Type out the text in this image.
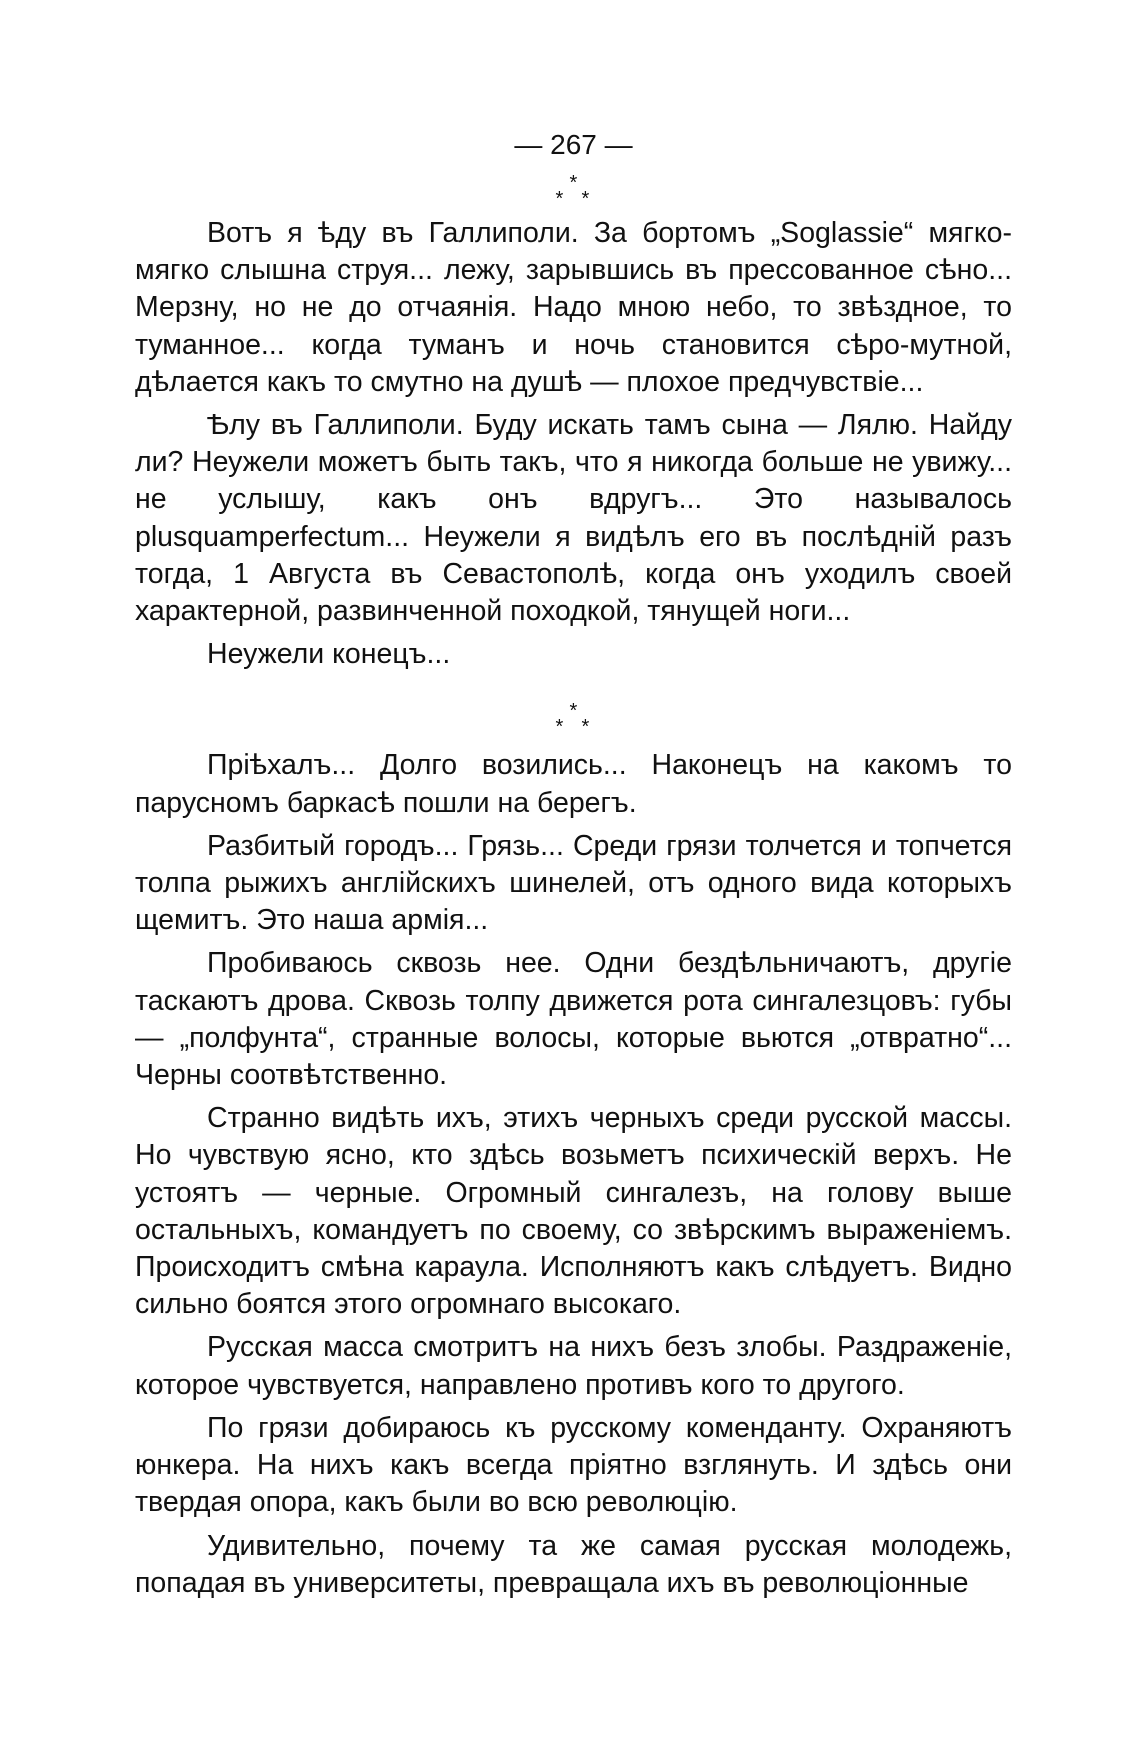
— 267 —
*
* *

Вотъ я ѣду въ Галлиполи. За бортомъ „Soglassie“ мягко-мягко слышна струя... лежу, зарывшись въ прессованное сѣно... Мерзну, но не до отчаянія. Надо мною небо, то звѣздное, то туманное... когда туманъ и ночь становится сѣро-мутной, дѣлается какъ то смутно на душѣ — плохое предчувствіе...

Ѣлу въ Галлиполи. Буду искать тамъ сына — Лялю. Найду ли? Неужели можетъ быть такъ, что я никогда больше не увижу... не услышу, какъ онъ вдругъ... Это называлось plusquamperfectum... Неужели я видѣлъ его въ послѣдній разъ тогда, 1 Августа въ Севастополѣ, когда онъ уходилъ своей характерной, развинченной походкой, тянущей ноги...

Неужели конецъ...

*
* *

Пріѣхалъ... Долго возились... Наконецъ на какомъ то парусномъ баркасѣ пошли на берегъ.

Разбитый городъ... Грязь... Среди грязи толчется и топчется толпа рыжихъ англійскихъ шинелей, отъ одного вида которыхъ щемитъ. Это наша армія...

Пробиваюсь сквозь нее. Одни бездѣльничаютъ, другіе таскаютъ дрова. Сквозь толпу движется рота сингалезцовъ: губы — „полфунта“, странные волосы, которые вьются „отвратно“... Черны соотвѣтственно.

Странно видѣть ихъ, этихъ черныхъ среди русской массы. Но чувствую ясно, кто здѣсь возьметъ психическій верхъ. Не устоятъ — черные. Огромный сингалезъ, на голову выше остальныхъ, командуетъ по своему, со звѣрскимъ выраженіемъ. Происходитъ смѣна караула. Исполняютъ какъ слѣдуетъ. Видно сильно боятся этого огромнаго высокаго.

Русская масса смотритъ на нихъ безъ злобы. Раздраженіе, которое чувствуется, направлено противъ кого то другого.

По грязи добираюсь къ русскому коменданту. Охраняютъ юнкера. На нихъ какъ всегда пріятно взглянуть. И здѣсь они твердая опора, какъ были во всю революцію.

Удивительно, почему та же самая русская молодежь, попадая въ университеты, превращала ихъ въ революціонные
